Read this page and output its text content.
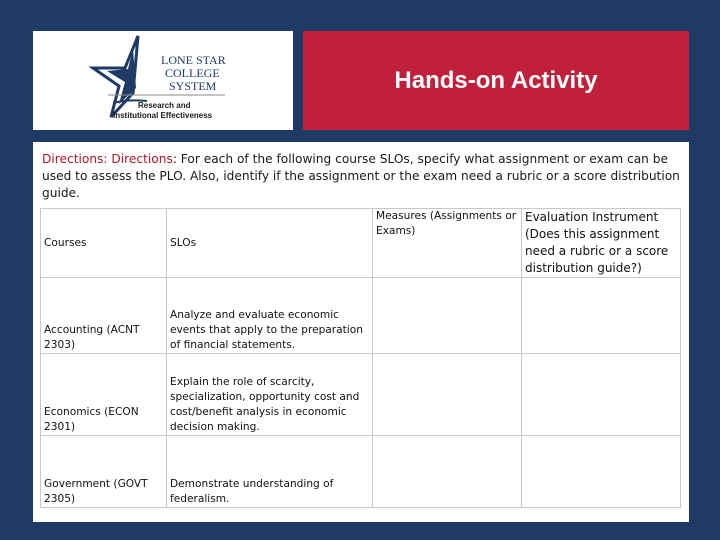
LONE STAR
COLLEGE
SYSTEM
Research and
Institutional Effectiveness
Hands-on Activity
Directions: Directions: For each of the following course SLOs, specify what assignment or exam can be used to assess the PLO. Also, identify if the assignment or the exam need a rubric or a score distribution guide.
Courses	SLOs	Measures (Assignments or Exams)	Evaluation Instrument (Does this assignment need a rubric or a score distribution guide?)
Accounting (ACNT 2303)	Analyze and evaluate economic events that apply to the preparation of financial statements.		
Economics (ECON 2301)	Explain the role of scarcity, specialization, opportunity cost and cost/benefit analysis in economic decision making.		
Government (GOVT 2305)	Demonstrate understanding of federalism.		
